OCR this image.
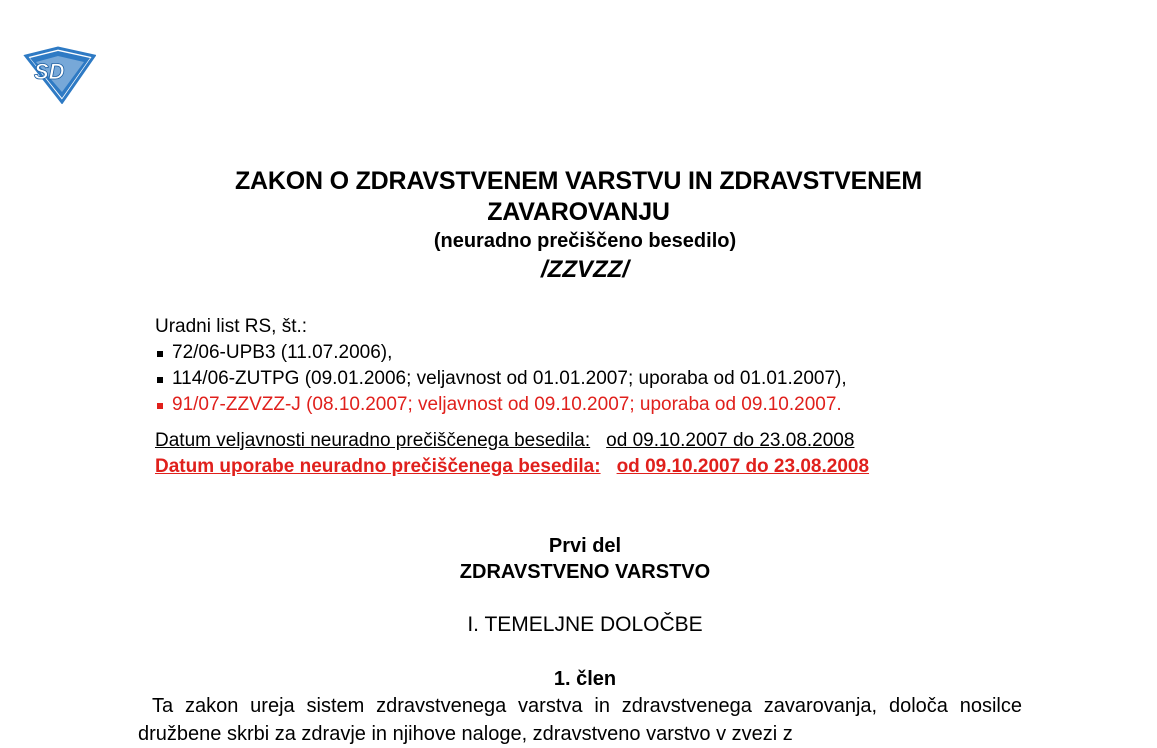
SD
ZAKON O ZDRAVSTVENEM VARSTVU IN ZDRAVSTVENEM
ZAVAROVANJU
(neuradno prečiščeno besedilo)
/ZZVZZ/
Uradni list RS, št.:
72/06-UPB3 (11.07.2006),
114/06-ZUTPG (09.01.2006; veljavnost od 01.01.2007; uporaba od 01.01.2007),
91/07-ZZVZZ-J (08.10.2007; veljavnost od 09.10.2007; uporaba od 09.10.2007.
Datum veljavnosti neuradno prečiščenega besedila: od 09.10.2007 do 23.08.2008
Datum uporabe neuradno prečiščenega besedila: od 09.10.2007 do 23.08.2008
Prvi del
ZDRAVSTVENO VARSTVO
I. TEMELJNE DOLOČBE
1. člen
Ta zakon ureja sistem zdravstvenega varstva in zdravstvenega zavarovanja, določa nosilce družbene skrbi za zdravje in njihove naloge, zdravstveno varstvo v zvezi z
